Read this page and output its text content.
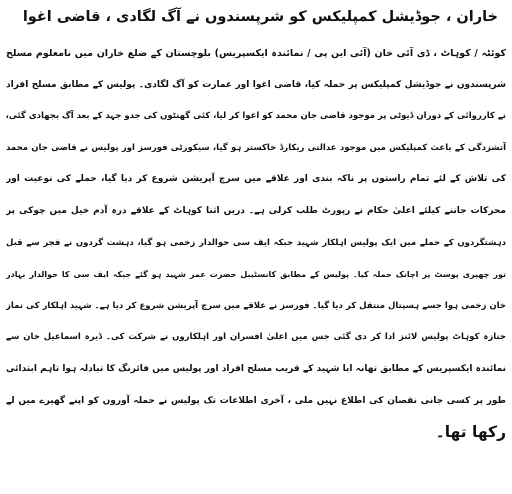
خاران ، جوڈیشل کمپلیکس کو شرپسندوں نے آگ لگادی ، قاضی اغوا
کوئٹہ / کوہاٹ ، ڈی آئی خان (آئی این پی / نمائندہ ایکسپریس) بلوچستان کے ضلع خاران میں نامعلوم مسلح
شرپسندوں نے جوڈیشل کمپلیکس پر حملہ کیا، قاضی اغوا اور عمارت کو آگ لگادی۔ پولیس کے مطابق مسلح افراد
نے کارروائی کے دوران ڈیوٹی پر موجود قاضی جان محمد کو اغوا کر لیا، کئی گھنٹوں کی جدو جہد کے بعد آگ بجھادی گئی،
آتشزدگی کے باعث کمپلیکس میں موجود عدالتی ریکارڈ خاکستر ہو گیا، سیکورٹی فورسز اور پولیس نے قاضی جان محمد
کی تلاش کے لئے تمام راستوں پر ناکہ بندی اور علاقے میں سرچ آپریشن شروع کر دیا گیا، حملے کی نوعیت اور
محرکات جاننے کیلئے اعلیٰ حکام نے رپورٹ طلب کرلی ہے۔ دریں اثنا کوہاٹ کے علاقے درہ آدم خیل میں چوکی پر
دہشتگردوں کے حملے میں ایک پولیس اہلکار شہید جبکہ ایف سی حوالدار زخمی ہو گیا، دہشت گردوں نے فجر سے قبل
تور چھپری پوسٹ پر اچانک حملہ کیا۔ پولیس کے مطابق کانسٹیبل حضرت عمر شہید ہو گئے جبکہ ایف سی کا حوالدار بہادر
خان زخمی ہوا جسے ہسپتال منتقل کر دیا گیا۔ فورسز نے علاقے میں سرچ آپریشن شروع کر دیا ہے۔ شہید اہلکار کی نماز
جنازہ کوہاٹ پولیس لائنز ادا کر دی گئی جس میں اعلیٰ افسران اور اہلکاروں نے شرکت کی۔ ڈیرہ اسماعیل خان سے
نمائندہ ایکسپریس کے مطابق تھانہ ابا شہید کے قریب مسلح افراد اور پولیس میں فائرنگ کا تبادلہ ہوا تاہم ابتدائی
طور پر کسی جانی نقصان کی اطلاع نہیں ملی ، آخری اطلاعات تک پولیس نے حملہ آوروں کو اپنے گھیرے میں لے
رکھا تھا۔
